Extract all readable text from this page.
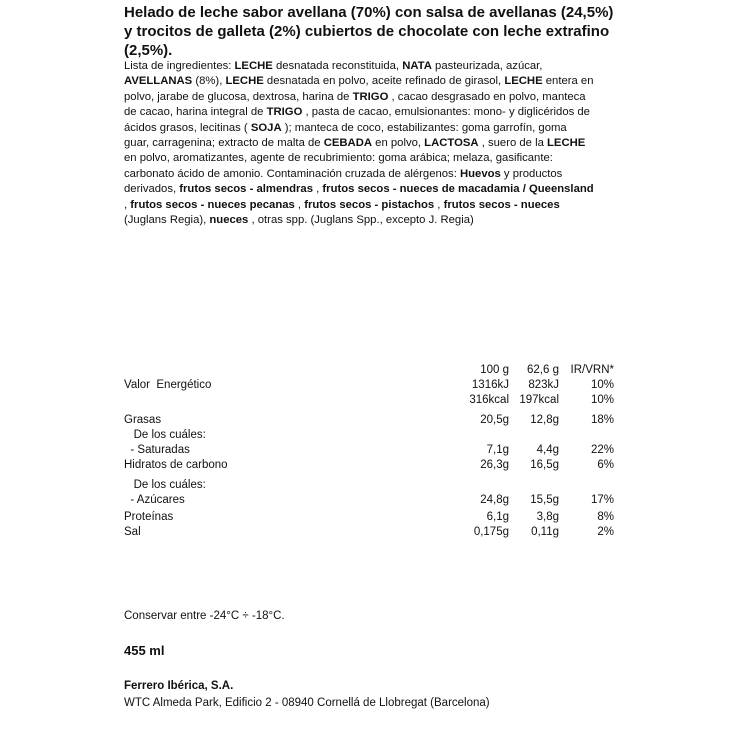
Helado de leche sabor avellana (70%) con salsa de avellanas (24,5%) y trocitos de galleta (2%) cubiertos de chocolate con leche extrafino (2,5%).

Lista de ingredientes: LECHE desnatada reconstituida, NATA pasteurizada, azúcar, AVELLANAS (8%), LECHE desnatada en polvo, aceite refinado de girasol, LECHE entera en polvo, jarabe de glucosa, dextrosa, harina de TRIGO , cacao desgrasado en polvo, manteca de cacao, harina integral de TRIGO , pasta de cacao, emulsionantes: mono- y diglicéridos de ácidos grasos, lecitinas ( SOJA ); manteca de coco, estabilizantes: goma garrofín, goma guar, carragenina; extracto de malta de CEBADA en polvo, LACTOSA , suero de la LECHE en polvo, aromatizantes, agente de recubrimiento: goma arábica; melaza, gasificante: carbonato ácido de amonio. Contaminación cruzada de alérgenos: Huevos y productos derivados, frutos secos - almendras , frutos secos - nueces de macadamia / Queensland , frutos secos - nueces pecanas , frutos secos - pistachos , frutos secos - nueces (Juglans Regia), nueces , otras spp. (Juglans Spp., excepto J. Regia)

100 g 62,6 g IR/VRN*
Valor  Energético	1316kJ 823kJ	10%
316kcal 197kcal	10%
Grasas	20,5g 12,8g	18%
De los cuáles:
- Saturadas	7,1g 4,4g	22%
Hidratos de carbono	26,3g 16,5g	6%
De los cuáles:
- Azúcares	24,8g 15,5g	17%
Proteínas	6,1g 3,8g	8%
Sal	0,175g 0,11g	2%
Conservar entre -24°C ÷ -18°C.
455 ml
Ferrero Ibérica, S.A.
WTC Almeda Park, Edificio 2 - 08940 Cornellá de Llobregat (Barcelona)
